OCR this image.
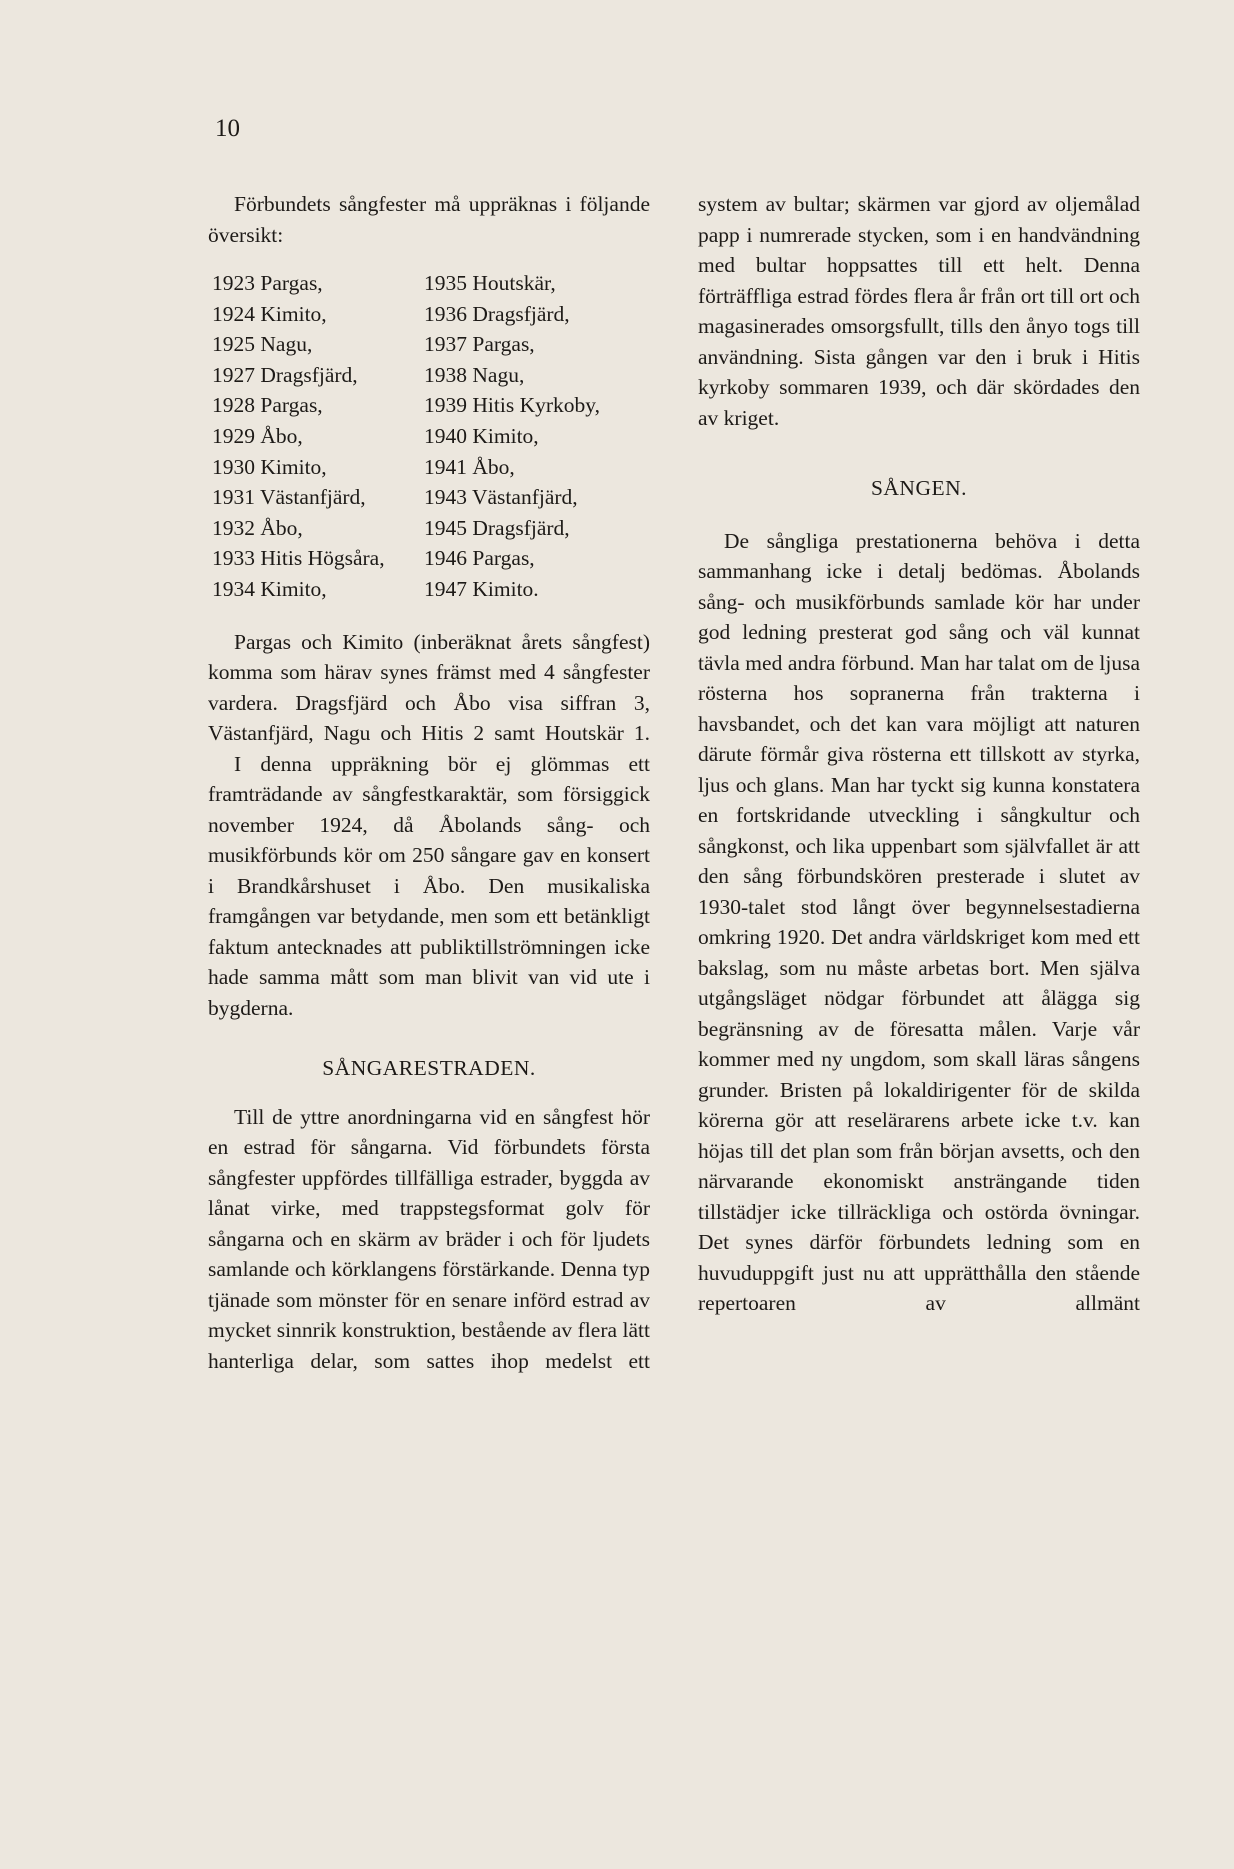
10

Förbundets sångfester må uppräknas i följande översikt:

1923 Pargas,	1935 Houtskär,
1924 Kimito,	1936 Dragsfjärd,
1925 Nagu,	1937 Pargas,
1927 Dragsfjärd,	1938 Nagu,
1928 Pargas,	1939 Hitis Kyrkoby,
1929 Åbo,	1940 Kimito,
1930 Kimito,	1941 Åbo,
1931 Västanfjärd,	1943 Västanfjärd,
1932 Åbo,	1945 Dragsfjärd,
1933 Hitis Högsåra,	1946 Pargas,
1934 Kimito,	1947 Kimito.

Pargas och Kimito (inberäknat årets sångfest) komma som härav synes främst med 4 sångfester vardera. Dragsfjärd och Åbo visa siffran 3, Västanfjärd, Nagu och Hitis 2 samt Houtskär 1.

I denna uppräkning bör ej glömmas ett framträdande av sångfestkaraktär, som försiggick november 1924, då Åbolands sång- och musikförbunds kör om 250 sångare gav en konsert i Brandkårshuset i Åbo. Den musikaliska framgången var betydande, men som ett betänkligt faktum antecknades att publiktillströmningen icke hade samma mått som man blivit van vid ute i bygderna.

SÅNGARESTRADEN.

Till de yttre anordningarna vid en sångfest hör en estrad för sångarna. Vid förbundets första sångfester uppfördes tillfälliga estrader, byggda av lånat virke, med trappstegsformat golv för sångarna och en skärm av bräder i och för ljudets samlande och körklangens förstärkande. Denna typ tjänade som mönster för en senare införd estrad av mycket sinnrik konstruktion, bestående av flera lätt hanterliga delar, som sattes ihop medelst ett

system av bultar; skärmen var gjord av oljemålad papp i numrerade stycken, som i en handvändning med bultar hoppsattes till ett helt. Denna förträffliga estrad fördes flera år från ort till ort och magasinerades omsorgsfullt, tills den ånyo togs till användning. Sista gången var den i bruk i Hitis kyrkoby sommaren 1939, och där skördades den av kriget.

SÅNGEN.

De sångliga prestationerna behöva i detta sammanhang icke i detalj bedömas. Åbolands sång- och musikförbunds samlade kör har under god ledning presterat god sång och väl kunnat tävla med andra förbund. Man har talat om de ljusa rösterna hos sopranerna från trakterna i havsbandet, och det kan vara möjligt att naturen därute förmår giva rösterna ett tillskott av styrka, ljus och glans. Man har tyckt sig kunna konstatera en fortskridande utveckling i sångkultur och sångkonst, och lika uppenbart som självfallet är att den sång förbundskören presterade i slutet av 1930-talet stod långt över begynnelsestadierna omkring 1920. Det andra världskriget kom med ett bakslag, som nu måste arbetas bort. Men själva utgångsläget nödgar förbundet att ålägga sig begränsning av de föresatta målen. Varje vår kommer med ny ungdom, som skall läras sångens grunder. Bristen på lokaldirigenter för de skilda körerna gör att reselärarens arbete icke t.v. kan höjas till det plan som från början avsetts, och den närvarande ekonomiskt ansträngande tiden tillstädjer icke tillräckliga och ostörda övningar. Det synes därför förbundets ledning som en huvuduppgift just nu att upprätthålla den stående repertoaren av allmänt
